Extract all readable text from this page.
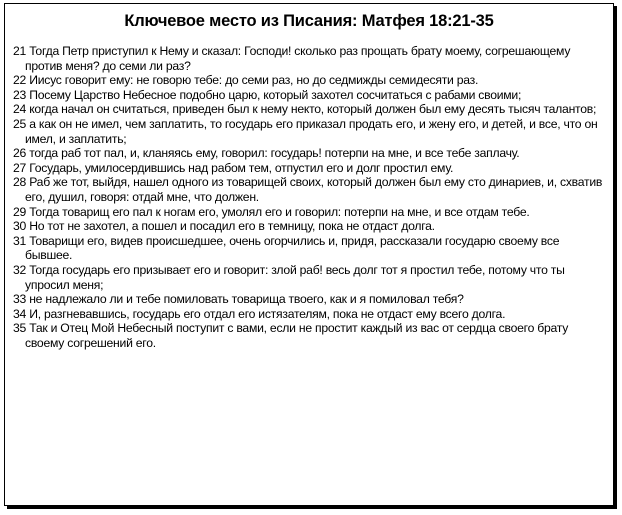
Ключевое место из Писания: Матфея 18:21-35
21 Тогда Петр приступил к Нему и сказал: Господи! сколько раз прощать брату моему, согрешающему против меня? до семи ли раз?
22 Иисус говорит ему: не говорю тебе: до семи раз, но до седмижды семидесяти раз.
23 Посему Царство Небесное подобно царю, который захотел сосчитаться с рабами своими;
24 когда начал он считаться, приведен был к нему некто, который должен был ему десять тысяч талантов;
25 а как он не имел, чем заплатить, то государь его приказал продать его, и жену его, и детей, и все, что он имел, и заплатить;
26 тогда раб тот пал, и, кланяясь ему, говорил: государь! потерпи на мне, и все тебе заплачу.
27 Государь, умилосердившись над рабом тем, отпустил его и долг простил ему.
28 Раб же тот, выйдя, нашел одного из товарищей своих, который должен был ему сто динариев, и, схватив его, душил, говоря: отдай мне, что должен.
29 Тогда товарищ его пал к ногам его, умолял его и говорил: потерпи на мне, и все отдам тебе.
30 Но тот не захотел, а пошел и посадил его в темницу, пока не отдаст долга.
31 Товарищи его, видев происшедшее, очень огорчились и, придя, рассказали государю своему все бывшее.
32 Тогда государь его призывает его и говорит: злой раб! весь долг тот я простил тебе, потому что ты упросил меня;
33 не надлежало ли и тебе помиловать товарища твоего, как и я помиловал тебя?
34 И, разгневавшись, государь его отдал его истязателям, пока не отдаст ему всего долга.
35 Так и Отец Мой Небесный поступит с вами, если не простит каждый из вас от сердца своего брату своему согрешений его.
